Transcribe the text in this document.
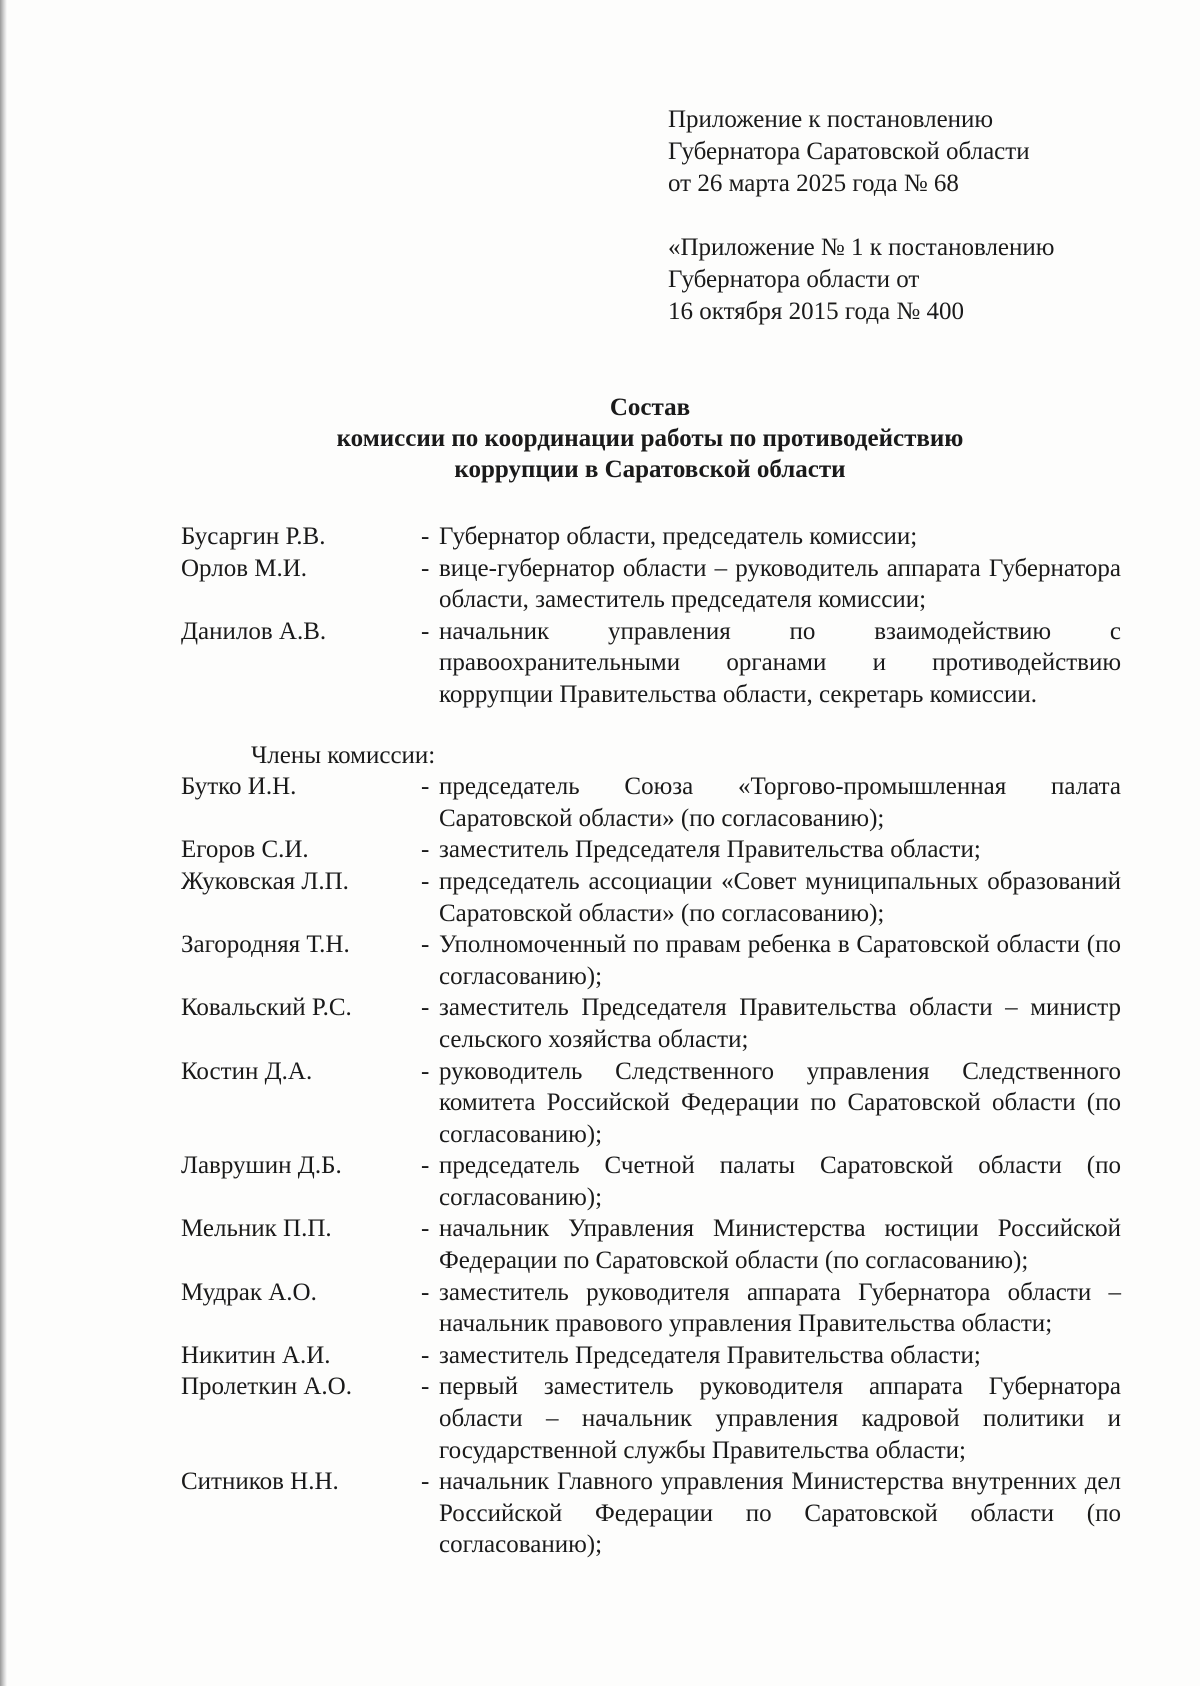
Приложение к постановлению
Губернатора Саратовской области
от 26 марта 2025 года № 68
«Приложение № 1 к постановлению
Губернатора области от
16 октября 2015 года № 400
Состав
комиссии по координации работы по противодействию
коррупции в Саратовской области
Бусаргин Р.В.	- Губернатор области, председатель комиссии;
Орлов М.И.	- вице-губернатор области – руководитель аппарата Губернатора области, заместитель председателя комиссии;
Данилов А.В.	- начальник управления по взаимодействию с правоохранительными органами и противодействию коррупции Правительства области, секретарь комиссии.
Члены комиссии:
Бутко И.Н.	- председатель Союза «Торгово-промышленная палата Саратовской области» (по согласованию);
Егоров С.И.	- заместитель Председателя Правительства области;
Жуковская Л.П.	- председатель ассоциации «Совет муниципальных образований Саратовской области» (по согласованию);
Загородняя Т.Н.	- Уполномоченный по правам ребенка в Саратовской области (по согласованию);
Ковальский Р.С.	- заместитель Председателя Правительства области – министр сельского хозяйства области;
Костин Д.А.	- руководитель Следственного управления Следственного комитета Российской Федерации по Саратовской области (по согласованию);
Лаврушин Д.Б.	- председатель Счетной палаты Саратовской области (по согласованию);
Мельник П.П.	- начальник Управления Министерства юстиции Российской Федерации по Саратовской области (по согласованию);
Мудрак А.О.	- заместитель руководителя аппарата Губернатора области – начальник правового управления Правительства области;
Никитин А.И.	- заместитель Председателя Правительства области;
Пролеткин А.О.	- первый заместитель руководителя аппарата Губернатора области – начальник управления кадровой политики и государственной службы Правительства области;
Ситников Н.Н.	- начальник Главного управления Министерства внутренних дел Российской Федерации по Саратовской области (по согласованию);
